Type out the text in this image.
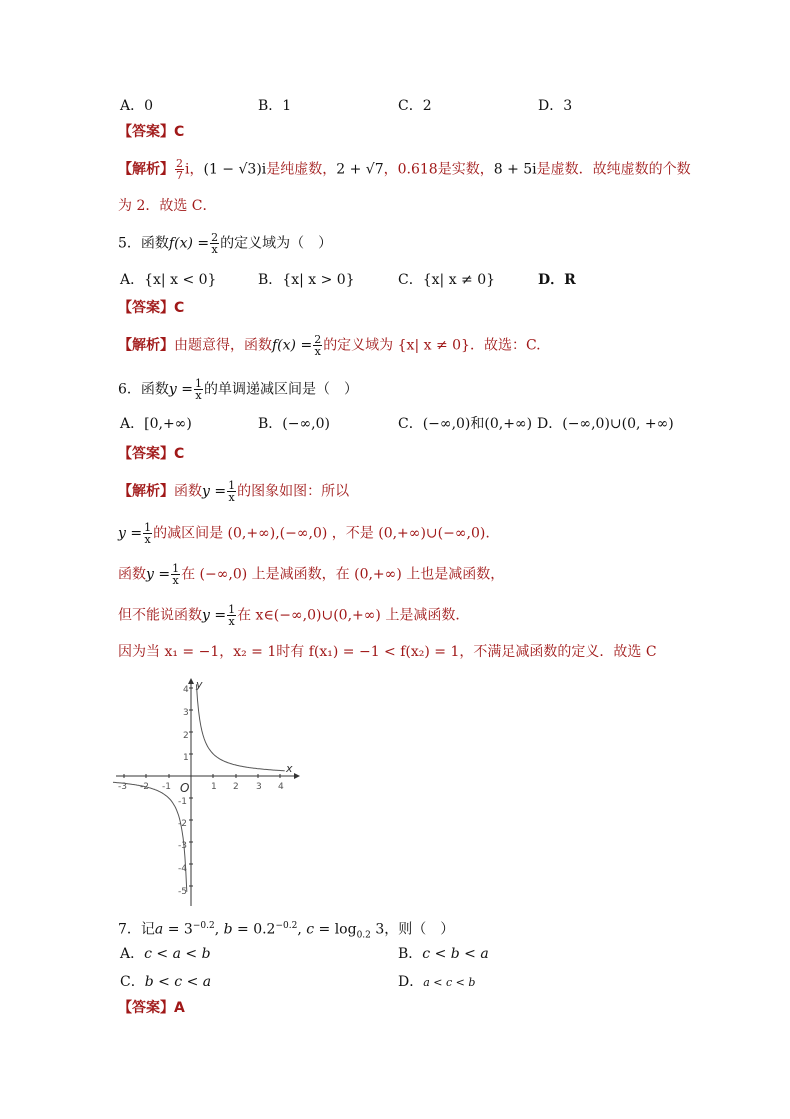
A．0	B．1	C．2	D．3
【答案】C
【解析】 $\frac{2}{7}$ i，(1 − √3)i是纯虚数，2 + √7，0.618是实数，8 + 5i是虚数．故纯虚数的个数
为 2．故选 C．
5．函数$f(x) = \frac{2}{x}$ 的定义域为（　）
A．{x| x < 0}	B．{x| x > 0}	C．{x| x ≠ 0}	D．R
【答案】C
【解析】由题意得，函数$f(x) = \frac{2}{x}$ 的定义域为 {x| x ≠ 0}．故选：C.
6．函数$y = \frac{1}{x}$ 的单调递减区间是（　）
A．[0,+∞)	B．(−∞,0)	C．(−∞,0)和(0,+∞) D．(−∞,0)∪(0, +∞)
【答案】C
【解析】函数$y = \frac{1}{x}$ 的图象如图：所以
$y = \frac{1}{x}$ 的减区间是 (0,+∞),(−∞,0) ，不是 (0,+∞)∪(−∞,0).
函数$y = \frac{1}{x}$ 在 (−∞,0) 上是减函数，在 (0,+∞) 上也是减函数，
但不能说函数$y = \frac{1}{x}$ 在 x∈(−∞,0)∪(0,+∞) 上是减函数．
因为当 x₁ = −1，x₂ = 1时有 f(x₁) = −1 < f(x₂) = 1，不满足减函数的定义．故选 C
x
y
O
-3 -2 -1	1 2 3 4
4
3
2
1
-1
-2
-3
-4
-5
7．记$a = 3^{-0.2}$, $b = 0.2^{-0.2}$, $c = \log_{0.2} 3$，则（　）
A．c < a < b	B．c < b < a
C．b < c < a	D．a < c < b
【答案】A
